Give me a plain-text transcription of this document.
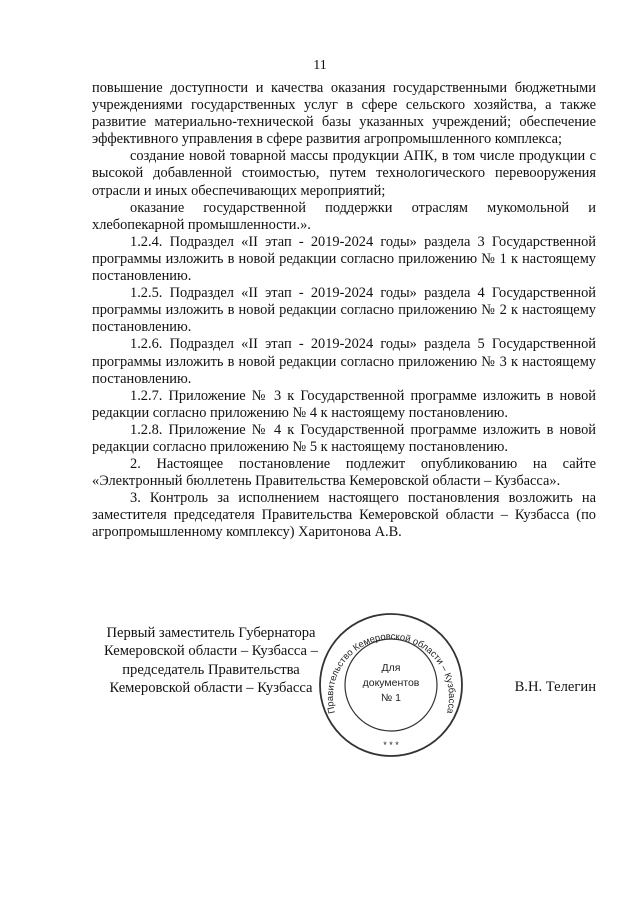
11

повышение доступности и качества оказания государственными бюджетными учреждениями государственных услуг в сфере сельского хозяйства, а также развитие материально-технической базы указанных учреждений; обеспечение эффективного управления в сфере развития агропромышленного комплекса;

создание новой товарной массы продукции АПК, в том числе продукции с высокой добавленной стоимостью, путем технологического перевооружения отрасли и иных обеспечивающих мероприятий;

оказание государственной поддержки отраслям мукомольной и хлебопекарной промышленности.».

1.2.4. Подраздел «II этап - 2019-2024 годы» раздела 3 Государственной программы изложить в новой редакции согласно приложению № 1 к настоящему постановлению.

1.2.5. Подраздел «II этап - 2019-2024 годы» раздела 4 Государственной программы изложить в новой редакции согласно приложению № 2 к настоящему постановлению.

1.2.6. Подраздел «II этап - 2019-2024 годы» раздела 5 Государственной программы изложить в новой редакции согласно приложению № 3 к настоящему постановлению.

1.2.7. Приложение № 3 к Государственной программе изложить в новой редакции согласно приложению № 4 к настоящему постановлению.

1.2.8. Приложение № 4 к Государственной программе изложить в новой редакции согласно приложению № 5 к настоящему постановлению.

2. Настоящее постановление подлежит опубликованию на сайте «Электронный бюллетень Правительства Кемеровской области – Кузбасса».

3. Контроль за исполнением настоящего постановления возложить на заместителя председателя Правительства Кемеровской области – Кузбасса (по агропромышленному комплексу) Харитонова А.В.

Первый заместитель Губернатора
Кемеровской области – Кузбасса –
председатель Правительства
Кемеровской области – Кузбасса	В.Н. Телегин
Правительство Кемеровской области – Кузбасса
* * *
Для
документов
№ 1
